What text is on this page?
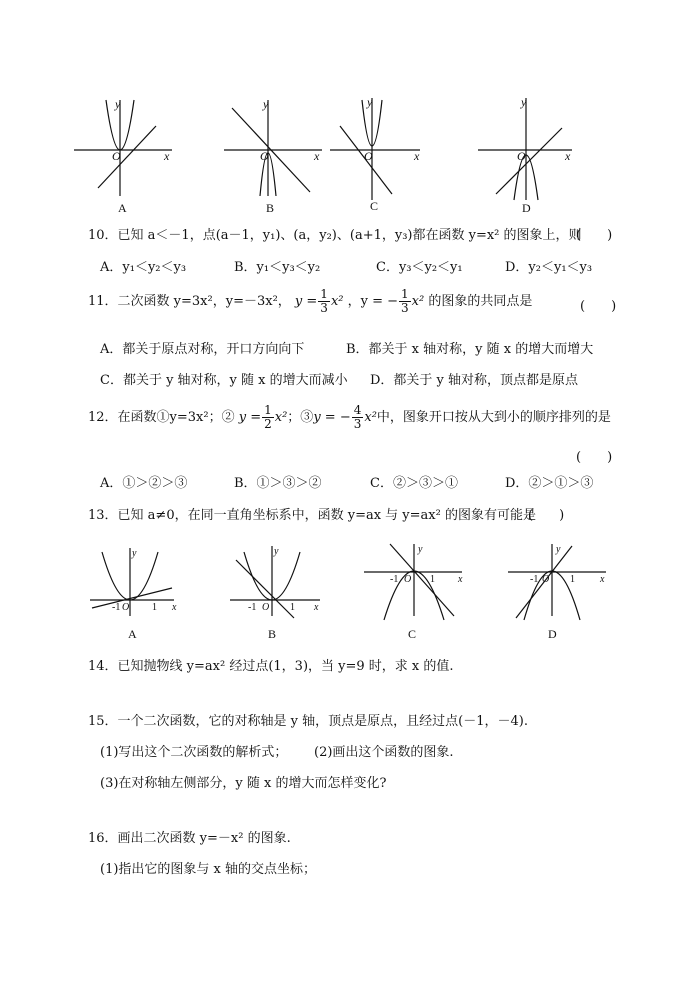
y
x
O
y
x
O
y
x
O
y
x
O
A	B	C	D
10．已知 a＜－1，点(a－1，y₁)、(a，y₂)、(a+1，y₃)都在函数 y=x² 的图象上，则
(　　)
A．y₁＜y₂＜y₃	B．y₁＜y₃＜y₂	C．y₃＜y₂＜y₁	D．y₂＜y₁＜y₃
11．二次函数 y=3x²，y=－3x²， $y = \frac{1}{3} x^2$ ，y = − $\frac{1}{3} x^2$ 的图象的共同点是	(　　)
A．都关于原点对称，开口方向向下	B．都关于 x 轴对称，y 随 x 的增大而增大
C．都关于 y 轴对称，y 随 x 的增大而减小 D．都关于 y 轴对称，顶点都是原点
12．在函数①y=3x²；② $y = \frac{1}{2} x^2$；③y = − $\frac{4}{3} x^2$中，图象开口按从大到小的顺序排列的是
(　　)
A．①＞②＞③	B．①＞③＞②	C．②＞③＞①	D．②＞①＞③
13．已知 a≠0，在同一直角坐标系中，函数 y=ax 与 y=ax² 的图象有可能是
(　　)
y
x
-1 O 1
y
x
-1 O 1
y
x
-1 O 1
y
x
-1 O 1
A	B	C	D
14．已知抛物线 y=ax² 经过点(1，3)，当 y=9 时，求 x 的值.
15．一个二次函数，它的对称轴是 y 轴，顶点是原点，且经过点(－1，－4).
(1)写出这个二次函数的解析式； (2)画出这个函数的图象.
(3)在对称轴左侧部分，y 随 x 的增大而怎样变化?
16．画出二次函数 y=－x² 的图象.
(1)指出它的图象与 x 轴的交点坐标；
